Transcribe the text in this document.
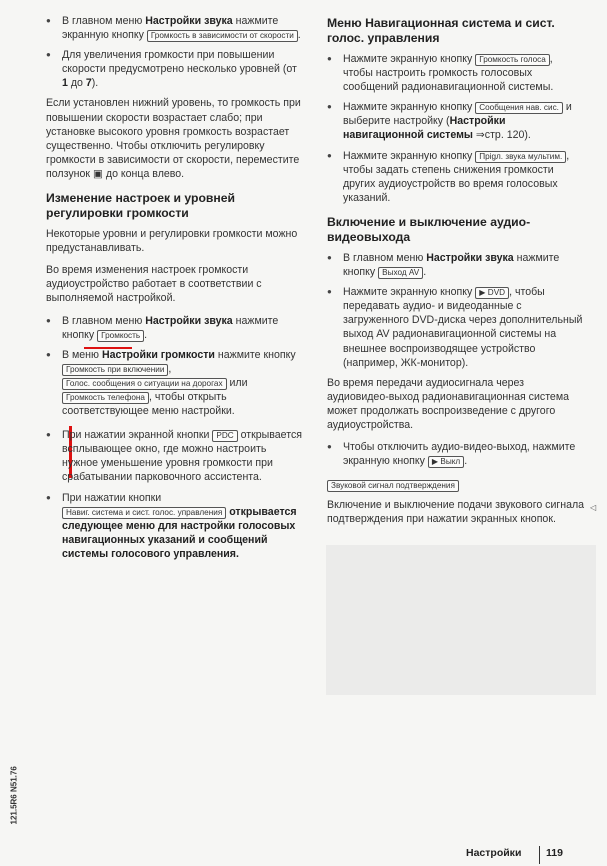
● В главном меню Настройки звука нажмите экранную кнопку Громкость в зависимости от скорости .
● Для увеличения громкости при повышении скорости предусмотрено несколько уровней (от 1 до 7).

Если установлен нижний уровень, то громкость при повышении скорости возрастает слабо; при установке высокого уровня громкость возрастает существенно. Чтобы отключить регулировку громкости в зависимости от скорости, переместите ползунок ▣ до конца влево.

Изменение настроек и уровней регулировки громкости

Некоторые уровни и регулировки громкости можно предустанавливать.

Во время изменения настроек громкости аудиоустройство работает в соответствии с выполняемой настройкой.

● В главном меню Настройки звука нажмите кнопку Громкость .
● В меню Настройки громкости нажмите кнопку Громкость при включении , Голос. сообщения о ситуации на дорогах или Громкость телефона , чтобы открыть соответствующее меню настройки.
● При нажатии экранной кнопки PDC открывается всплывающее окно, где можно настроить нужное уменьшение уровня громкости при срабатывании парковочного ассистента.
● При нажатии кнопки Навиг. система и сист. голос. управления открывается следующее меню для настройки голосовых навигационных указаний и сообщений системы голосового управления.
Меню Навигационная система и сист. голос. управления
● Нажмите экранную кнопку Громкость голоса , чтобы настроить громкость голосовых сообщений радионавигационной системы.
● Нажмите экранную кнопку Сообщения нав. сис. и выберите настройку (Настройки навигационной системы ⇒стр. 120).
● Нажмите экранную кнопку Прigл. звука мультим. , чтобы задать степень снижения громкости других аудиоустройств во время голосовых указаний.
Включение и выключение аудио-видеовыхода
● В главном меню Настройки звука нажмите кнопку Выход AV .
● Нажмите экранную кнопку ▶ DVD , чтобы передавать аудио- и видеоданные с загруженного DVD-диска через дополнительный выход AV радионавигационной системы на внешнее воспроизводящее устройство (например, ЖК-монитор).

Во время передачи аудиосигнала через аудиовидео-выход радионавигационная система может продолжать воспроизведение с другого аудиоустройства.

● Чтобы отключить аудио-видео-выход, нажмите экранную кнопку ▶ Выкл .

Звуковой сигнал подтверждения

Включение и выключение подачи звукового сигнала подтверждения при нажатии экранных кнопок.

◁
121.5R6 N51.76
Настройки 119
